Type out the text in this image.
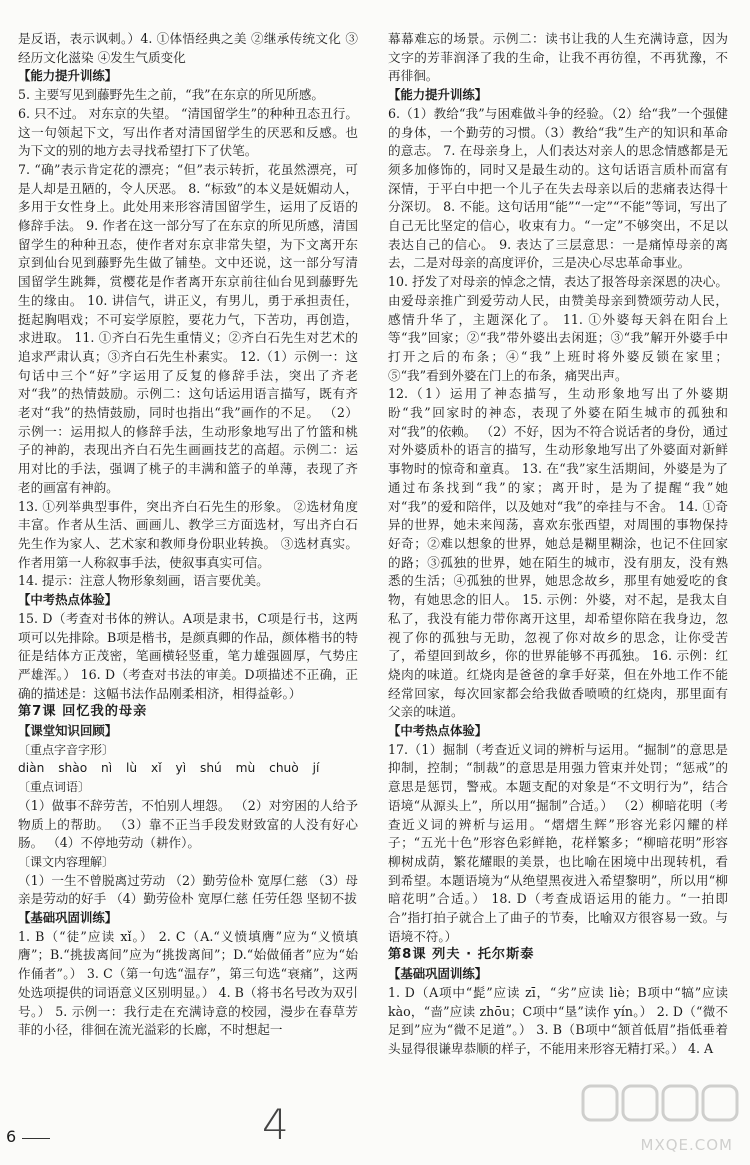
是反语，表示讽刺。）4. ①体悟经典之美 ②继承传统文化 ③经历文化滋染 ④发生气质变化

【能力提升训练】

5. 主要写见到藤野先生之前，“我”在东京的所见所感。

6. 只不过。 对东京的失望。 “清国留学生”的种种丑态丑行。 这一句领起下文，写出作者对清国留学生的厌恶和反感。也为下文的别的地方去寻找希望打下了伏笔。

7. “确”表示肯定花的漂亮；“但”表示转折，花虽然漂亮，可是人却是丑陋的，令人厌恶。 8. “标致”的本义是妩媚动人，多用于女性身上。此处用来形容清国留学生，运用了反语的修辞手法。 9. 作者在这一部分写了在东京的所见所感，清国留学生的种种丑态，使作者对东京非常失望，为下文离开东京到仙台见到藤野先生做了铺垫。文中还说，这一部分写清国留学生跳舞，赏樱花是作者离开东京前往仙台见到藤野先生的缘由。 10. 讲信气，讲正义，有男儿，勇于承担责任，挺起胸唱戏；不可妄学原腔，要花力气，下苦功，再创造，求进取。 11. ①齐白石先生重情义；②齐白石先生对艺术的追求严肃认真；③齐白石先生朴素实。 12.（1）示例一：这句话中三个“好”字运用了反复的修辞手法，突出了齐老对“我”的热情鼓励。示例二：这句话运用语言描写，既有齐老对“我”的热情鼓励，同时也指出“我”画作的不足。 （2）示例一：运用拟人的修辞手法，生动形象地写出了竹篮和桃子的神韵，表现出齐白石先生画画技艺的高超。示例二：运用对比的手法，强调了桃子的丰满和篮子的单薄，表现了齐老的画富有神韵。

13. ①列举典型事件，突出齐白石先生的形象。 ②选材角度丰富。作者从生活、画画儿、教学三方面选材，写出齐白石先生作为家人、艺术家和教师身份职业转换。 ③选材真实。作者用第一人称叙事手法，使叙事真实可信。

14. 提示：注意人物形象刻画，语言要优美。

【中考热点体验】

15. D（考查对书体的辨认。A项是隶书，C项是行书，这两项可以先排除。B项是楷书，是颜真卿的作品，颜体楷书的特征是结体方正茂密，笔画横轻竖重，笔力雄强圆厚，气势庄严雄浑。） 16. D（考查对书法的审美。D项描述不正确，正确的描述是：这幅书法作品刚柔相济，相得益彰。）

第7课 回忆我的母亲

【课堂知识回顾】

〔重点字音字形〕

diàn shào nì lù xǐ yì shú mù chuò jí

〔重点词语〕

（1）做事不辞劳苦，不怕别人埋怨。 （2）对穷困的人给予物质上的帮助。 （3）靠不正当手段发财致富的人没有好心肠。 （4）不停地劳动（耕作）。

〔课文内容理解〕

（1）一生不曾脱离过劳动 （2）勤劳俭朴 宽厚仁慈 （3）母亲是劳动的好手 （4）勤劳俭朴 宽厚仁慈 任劳任怨 坚韧不拔

【基础巩固训练】

1. B（“徒”应读 xǐ。） 2. C（A.“义愤填膺”应为“义愤填膺”；B.“挑拔离间”应为“挑拨离间”；D.“始做俑者”应为“始作俑者”。） 3. C（第一句选“温存”，第三句选“衰痛”，这两处选项提供的词语意义区别明显。） 4. B（将书名号改为双引号。） 5. 示例一：我行走在充满诗意的校园，漫步在春草芳菲的小径，徘徊在流光溢彩的长廊，不时想起一

幕幕难忘的场景。示例二：读书让我的人生充满诗意，因为文字的芳菲润泽了我的生命，让我不再彷徨，不再犹豫，不再徘徊。

【能力提升训练】

6.（1）教给“我”与困难做斗争的经验。（2）给“我”一个强健的身体，一个勤劳的习惯。（3）教给“我”生产的知识和革命的意志。 7. 在母亲身上，人们表达对亲人的思念情感都是无须多加修饰的，同时又是最生动的。这句话语言质朴而富有深情，于平白中把一个儿子在失去母亲以后的悲痛表达得十分深切。 8. 不能。这句话用“能”“一定”“不能”等词，写出了自己无比坚定的信心，收束有力。“一定”不够突出，不足以表达自己的信心。 9. 表达了三层意思：一是痛悼母亲的离去，二是对母亲的高度评价，三是决心尽忠革命事业。

10. 抒发了对母亲的悼念之情，表达了报答母亲深恩的决心。 由爱母亲推广到爱劳动人民，由赞美母亲到赞颂劳动人民，感情升华了，主题深化了。 11. ①外婆每天斜在阳台上等“我”回家；②“我”带外婆出去闲逛；③“我”解开外婆手中打开之后的布条；④“我”上班时将外婆反锁在家里；⑤“我”看到外婆在门上的布条，痛哭出声。

12.（1）运用了神态描写，生动形象地写出了外婆期盼“我”回家时的神态，表现了外婆在陌生城市的孤独和对“我”的依赖。 （2）不好，因为不符合说话者的身份，通过对外婆质朴的语言的描写，生动形象地写出了外婆面对新鲜事物时的惊奇和童真。 13. 在“我”家生活期间，外婆是为了通过布条找到“我”的家；离开时，是为了提醒“我”她对“我”的爱和陪伴，以及她对“我”的牵挂与不舍。 14. ①奇异的世界，她未来闯荡，喜欢东张西望，对周围的事物保持好奇；②难以想象的世界，她总是糊里糊涂，也记不住回家的路；③孤独的世界，她在陌生的城市，没有朋友，没有熟悉的生活；④孤独的世界，她思念故乡，那里有她爱吃的食物，有她思念的旧人。 15. 示例：外婆，对不起，是我太自私了，我没有能力带你离开这里，却希望你陪在我身边，忽视了你的孤独与无助，忽视了你对故乡的思念，让你受苦了，希望回到故乡，你的世界能够不再孤独。 16. 示例：红烧肉的味道。红烧肉是爸爸的拿手好菜，但在外地工作不能经常回家，每次回家都会给我做香喷喷的红烧肉，那里面有父亲的味道。

【中考热点体验】

17.（1）掘制（考查近义词的辨析与运用。“掘制”的意思是抑制，控制；“制裁”的意思是用强力管束并处罚；“惩戒”的意思是惩罚，警戒。本题支配的对象是“不文明行为”，结合语境“从源头上”，所以用“掘制”合适。） （2）柳暗花明（考查近义词的辨析与运用。“熠熠生辉”形容光彩闪耀的样子；“五光十色”形容色彩鲜艳，花样繁多；“柳暗花明”形容柳树成荫，繁花耀眼的美景，也比喻在困境中出现转机，看到希望。本题语境为“从绝望黑夜进入希望黎明”，所以用“柳暗花明”合适。） 18. D（考查成语运用的能力。“一拍即合”指打拍子就合上了曲子的节奏，比喻双方很容易一致。与语境不符。）

第8课 列夫 · 托尔斯泰

【基础巩固训练】

1. D（A项中“髭”应读 zī，“劣”应读 liè；B项中“犒”应读 kào，“啬”应读 zhōu；C项中“垦”读作 yín。） 2. D（“微不足到”应为“微不足道”。） 3. B（B项中“颔首低眉”指低垂着头显得很谦卑恭顺的样子，不能用来形容无精打采。） 4. A

6	4	MXQE.COM
